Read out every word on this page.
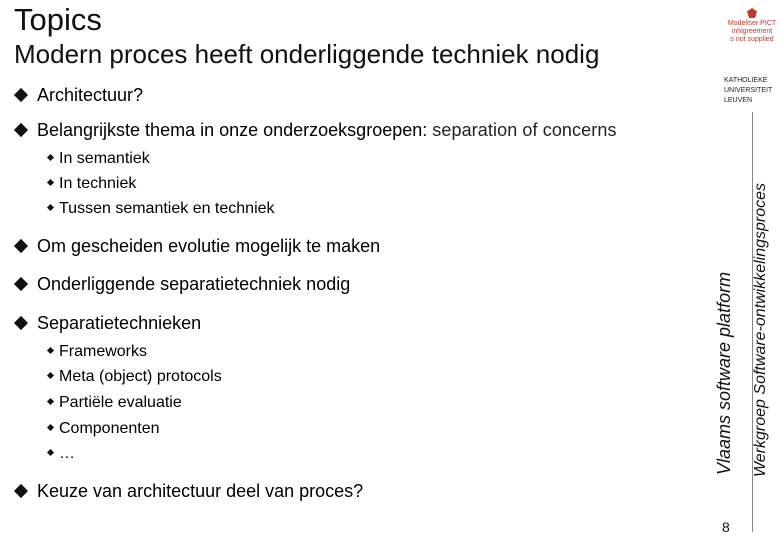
Topics
Modern proces heeft onderliggende techniek nodig
Modeliser PICT
inhigreement
s not supplied
KATHOLIEKE
UNIVERSITEIT
LEUVEN
Architectuur?
Belangrijkste thema in onze onderzoeksgroepen: separation of concerns
In semantiek
In techniek
Tussen semantiek en techniek
Om gescheiden evolutie mogelijk te maken
Onderliggende separatietechniek nodig
Separatietechnieken
Frameworks
Meta (object) protocols
Partiële evaluatie
Componenten
…
Keuze van architectuur deel van proces?
Vlaams software platform Werkgroep Software-ontwikkelingsproces
8
